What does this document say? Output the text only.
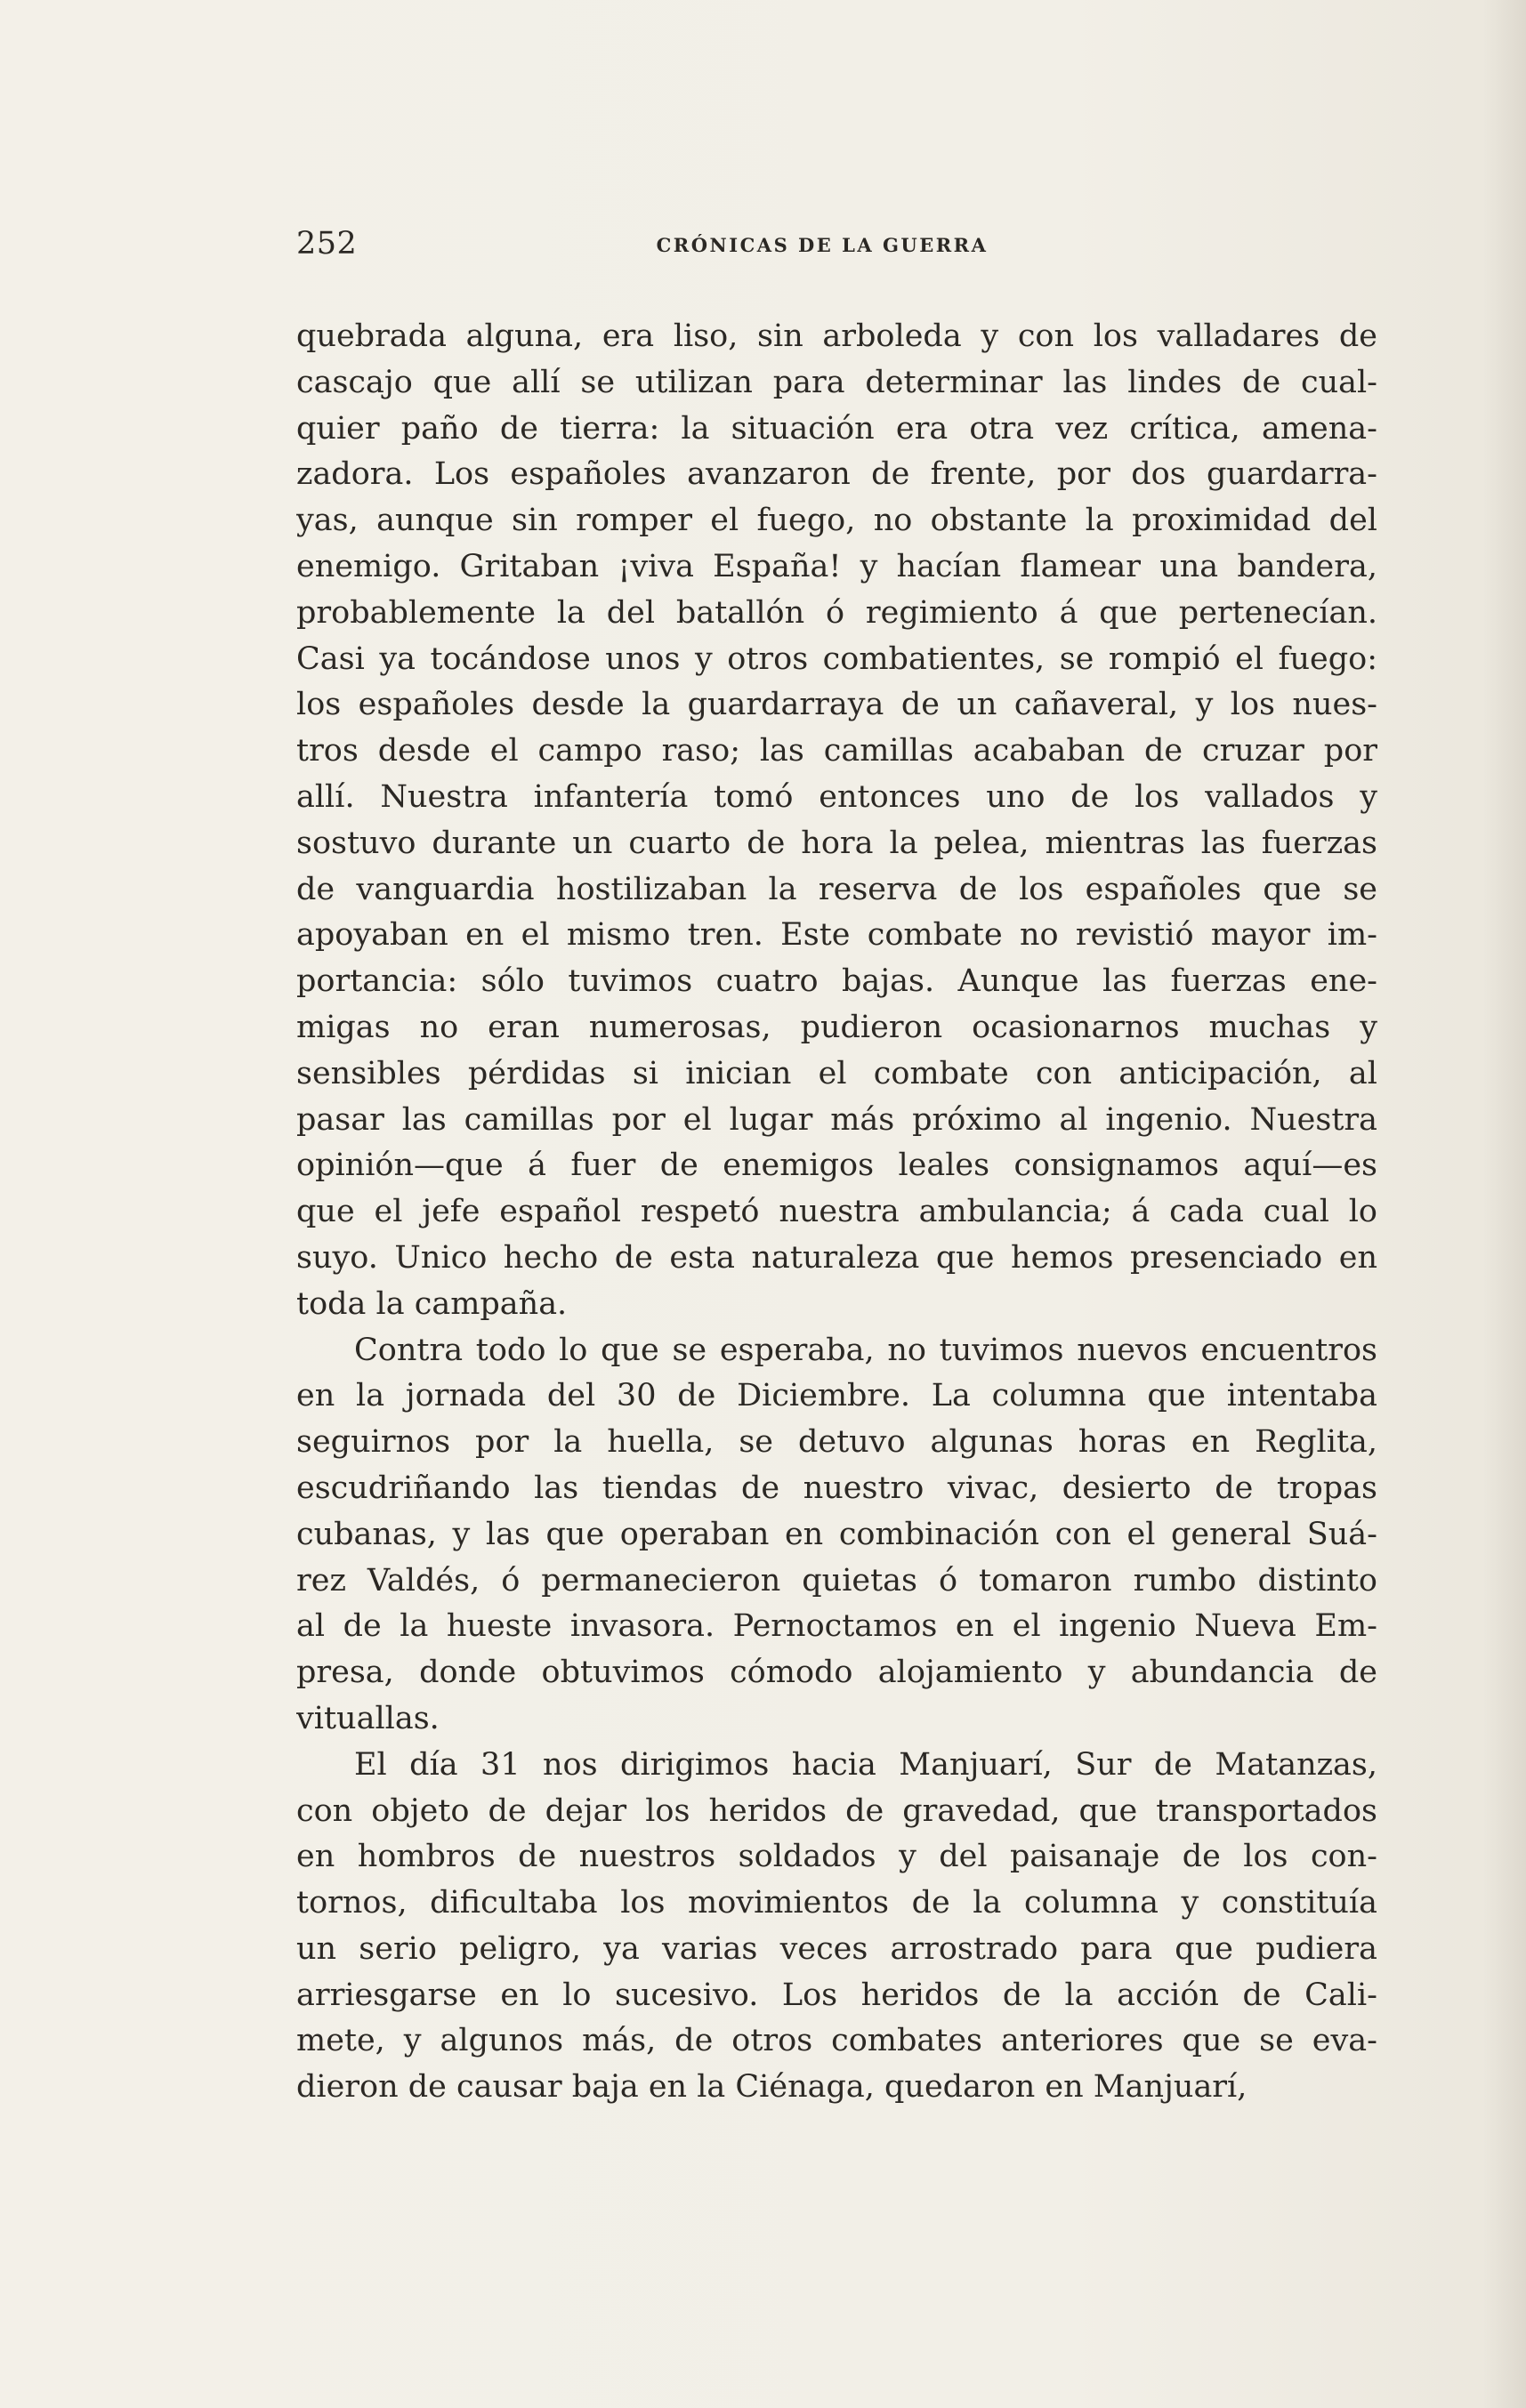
252	CRÓNICAS DE LA GUERRA
quebrada alguna, era liso, sin arboleda y con los valladares de
cascajo que allí se utilizan para determinar las lindes de cual-
quier paño de tierra: la situación era otra vez crítica, amena-
zadora. Los españoles avanzaron de frente, por dos guardarra-
yas, aunque sin romper el fuego, no obstante la proximidad del
enemigo. Gritaban ¡viva España! y hacían flamear una bandera,
probablemente la del batallón ó regimiento á que pertenecían.
Casi ya tocándose unos y otros combatientes, se rompió el fuego:
los españoles desde la guardarraya de un cañaveral, y los nues-
tros desde el campo raso; las camillas acababan de cruzar por
allí. Nuestra infantería tomó entonces uno de los vallados y
sostuvo durante un cuarto de hora la pelea, mientras las fuerzas
de vanguardia hostilizaban la reserva de los españoles que se
apoyaban en el mismo tren. Este combate no revistió mayor im-
portancia: sólo tuvimos cuatro bajas. Aunque las fuerzas ene-
migas no eran numerosas, pudieron ocasionarnos muchas y
sensibles pérdidas si inician el combate con anticipación, al
pasar las camillas por el lugar más próximo al ingenio. Nuestra
opinión—que á fuer de enemigos leales consignamos aquí—es
que el jefe español respetó nuestra ambulancia; á cada cual lo
suyo. Unico hecho de esta naturaleza que hemos presenciado en
toda la campaña.
Contra todo lo que se esperaba, no tuvimos nuevos encuentros
en la jornada del 30 de Diciembre. La columna que intentaba
seguirnos por la huella, se detuvo algunas horas en Reglita,
escudriñando las tiendas de nuestro vivac, desierto de tropas
cubanas, y las que operaban en combinación con el general Suá-
rez Valdés, ó permanecieron quietas ó tomaron rumbo distinto
al de la hueste invasora. Pernoctamos en el ingenio Nueva Em-
presa, donde obtuvimos cómodo alojamiento y abundancia de
vituallas.
El día 31 nos dirigimos hacia Manjuarí, Sur de Matanzas,
con objeto de dejar los heridos de gravedad, que transportados
en hombros de nuestros soldados y del paisanaje de los con-
tornos, dificultaba los movimientos de la columna y constituía
un serio peligro, ya varias veces arrostrado para que pudiera
arriesgarse en lo sucesivo. Los heridos de la acción de Cali-
mete, y algunos más, de otros combates anteriores que se eva-
dieron de causar baja en la Ciénaga, quedaron en Manjuarí,
